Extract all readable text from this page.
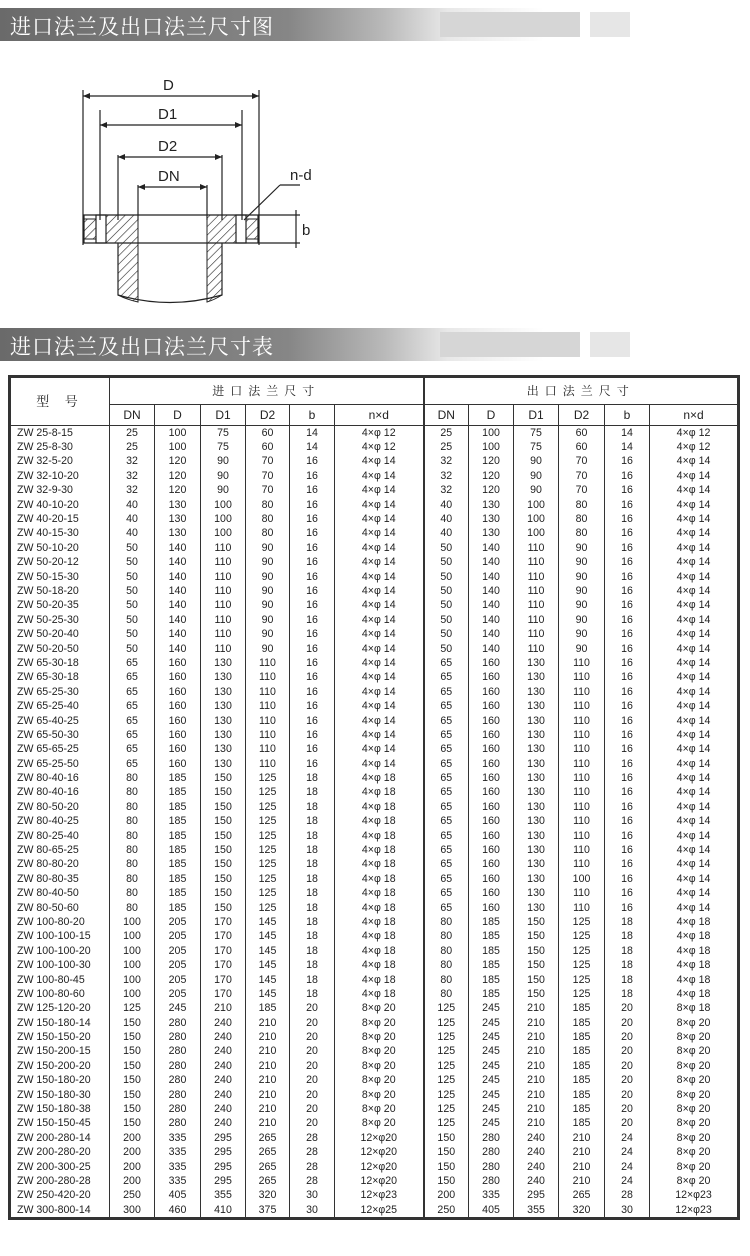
进口法兰及出口法兰尺寸图
D
D1
D2
DN	n-d
b
进口法兰及出口法兰尺寸表
型 号	进口法兰尺寸						出口法兰尺寸					
	DN	D	D1	D2	b	n×d	DN	D	D1	D2	b	n×d
ZW 25-8-15	25	100	75	60	14	4×φ 12	25	100	75	60	14	4×φ 12
ZW 25-8-30	25	100	75	60	14	4×φ 12	25	100	75	60	14	4×φ 12
ZW 32-5-20	32	120	90	70	16	4×φ 14	32	120	90	70	16	4×φ 14
ZW 32-10-20	32	120	90	70	16	4×φ 14	32	120	90	70	16	4×φ 14
ZW 32-9-30	32	120	90	70	16	4×φ 14	32	120	90	70	16	4×φ 14
ZW 40-10-20	40	130	100	80	16	4×φ 14	40	130	100	80	16	4×φ 14
ZW 40-20-15	40	130	100	80	16	4×φ 14	40	130	100	80	16	4×φ 14
ZW 40-15-30	40	130	100	80	16	4×φ 14	40	130	100	80	16	4×φ 14
ZW 50-10-20	50	140	110	90	16	4×φ 14	50	140	110	90	16	4×φ 14
ZW 50-20-12	50	140	110	90	16	4×φ 14	50	140	110	90	16	4×φ 14
ZW 50-15-30	50	140	110	90	16	4×φ 14	50	140	110	90	16	4×φ 14
ZW 50-18-20	50	140	110	90	16	4×φ 14	50	140	110	90	16	4×φ 14
ZW 50-20-35	50	140	110	90	16	4×φ 14	50	140	110	90	16	4×φ 14
ZW 50-25-30	50	140	110	90	16	4×φ 14	50	140	110	90	16	4×φ 14
ZW 50-20-40	50	140	110	90	16	4×φ 14	50	140	110	90	16	4×φ 14
ZW 50-20-50	50	140	110	90	16	4×φ 14	50	140	110	90	16	4×φ 14
ZW 65-30-18	65	160	130	110	16	4×φ 14	65	160	130	110	16	4×φ 14
ZW 65-30-18	65	160	130	110	16	4×φ 14	65	160	130	110	16	4×φ 14
ZW 65-25-30	65	160	130	110	16	4×φ 14	65	160	130	110	16	4×φ 14
ZW 65-25-40	65	160	130	110	16	4×φ 14	65	160	130	110	16	4×φ 14
ZW 65-40-25	65	160	130	110	16	4×φ 14	65	160	130	110	16	4×φ 14
ZW 65-50-30	65	160	130	110	16	4×φ 14	65	160	130	110	16	4×φ 14
ZW 65-65-25	65	160	130	110	16	4×φ 14	65	160	130	110	16	4×φ 14
ZW 65-25-50	65	160	130	110	16	4×φ 14	65	160	130	110	16	4×φ 14
ZW 80-40-16	80	185	150	125	18	4×φ 18	65	160	130	110	16	4×φ 14
ZW 80-40-16	80	185	150	125	18	4×φ 18	65	160	130	110	16	4×φ 14
ZW 80-50-20	80	185	150	125	18	4×φ 18	65	160	130	110	16	4×φ 14
ZW 80-40-25	80	185	150	125	18	4×φ 18	65	160	130	110	16	4×φ 14
ZW 80-25-40	80	185	150	125	18	4×φ 18	65	160	130	110	16	4×φ 14
ZW 80-65-25	80	185	150	125	18	4×φ 18	65	160	130	110	16	4×φ 14
ZW 80-80-20	80	185	150	125	18	4×φ 18	65	160	130	110	16	4×φ 14
ZW 80-80-35	80	185	150	125	18	4×φ 18	65	160	130	100	16	4×φ 14
ZW 80-40-50	80	185	150	125	18	4×φ 18	65	160	130	110	16	4×φ 14
ZW 80-50-60	80	185	150	125	18	4×φ 18	65	160	130	110	16	4×φ 14
ZW 100-80-20	100	205	170	145	18	4×φ 18	80	185	150	125	18	4×φ 18
ZW 100-100-15	100	205	170	145	18	4×φ 18	80	185	150	125	18	4×φ 18
ZW 100-100-20	100	205	170	145	18	4×φ 18	80	185	150	125	18	4×φ 18
ZW 100-100-30	100	205	170	145	18	4×φ 18	80	185	150	125	18	4×φ 18
ZW 100-80-45	100	205	170	145	18	4×φ 18	80	185	150	125	18	4×φ 18
ZW 100-80-60	100	205	170	145	18	4×φ 18	80	185	150	125	18	4×φ 18
ZW 125-120-20	125	245	210	185	20	8×φ 20	125	245	210	185	20	8×φ 18
ZW 150-180-14	150	280	240	210	20	8×φ 20	125	245	210	185	20	8×φ 20
ZW 150-150-20	150	280	240	210	20	8×φ 20	125	245	210	185	20	8×φ 20
ZW 150-200-15	150	280	240	210	20	8×φ 20	125	245	210	185	20	8×φ 20
ZW 150-200-20	150	280	240	210	20	8×φ 20	125	245	210	185	20	8×φ 20
ZW 150-180-20	150	280	240	210	20	8×φ 20	125	245	210	185	20	8×φ 20
ZW 150-180-30	150	280	240	210	20	8×φ 20	125	245	210	185	20	8×φ 20
ZW 150-180-38	150	280	240	210	20	8×φ 20	125	245	210	185	20	8×φ 20
ZW 150-150-45	150	280	240	210	20	8×φ 20	125	245	210	185	20	8×φ 20
ZW 200-280-14	200	335	295	265	28	12×φ20	150	280	240	210	24	8×φ 20
ZW 200-280-20	200	335	295	265	28	12×φ20	150	280	240	210	24	8×φ 20
ZW 200-300-25	200	335	295	265	28	12×φ20	150	280	240	210	24	8×φ 20
ZW 200-280-28	200	335	295	265	28	12×φ20	150	280	240	210	24	8×φ 20
ZW 250-420-20	250	405	355	320	30	12×φ23	200	335	295	265	28	12×φ23
ZW 300-800-14	300	460	410	375	30	12×φ25	250	405	355	320	30	12×φ23
